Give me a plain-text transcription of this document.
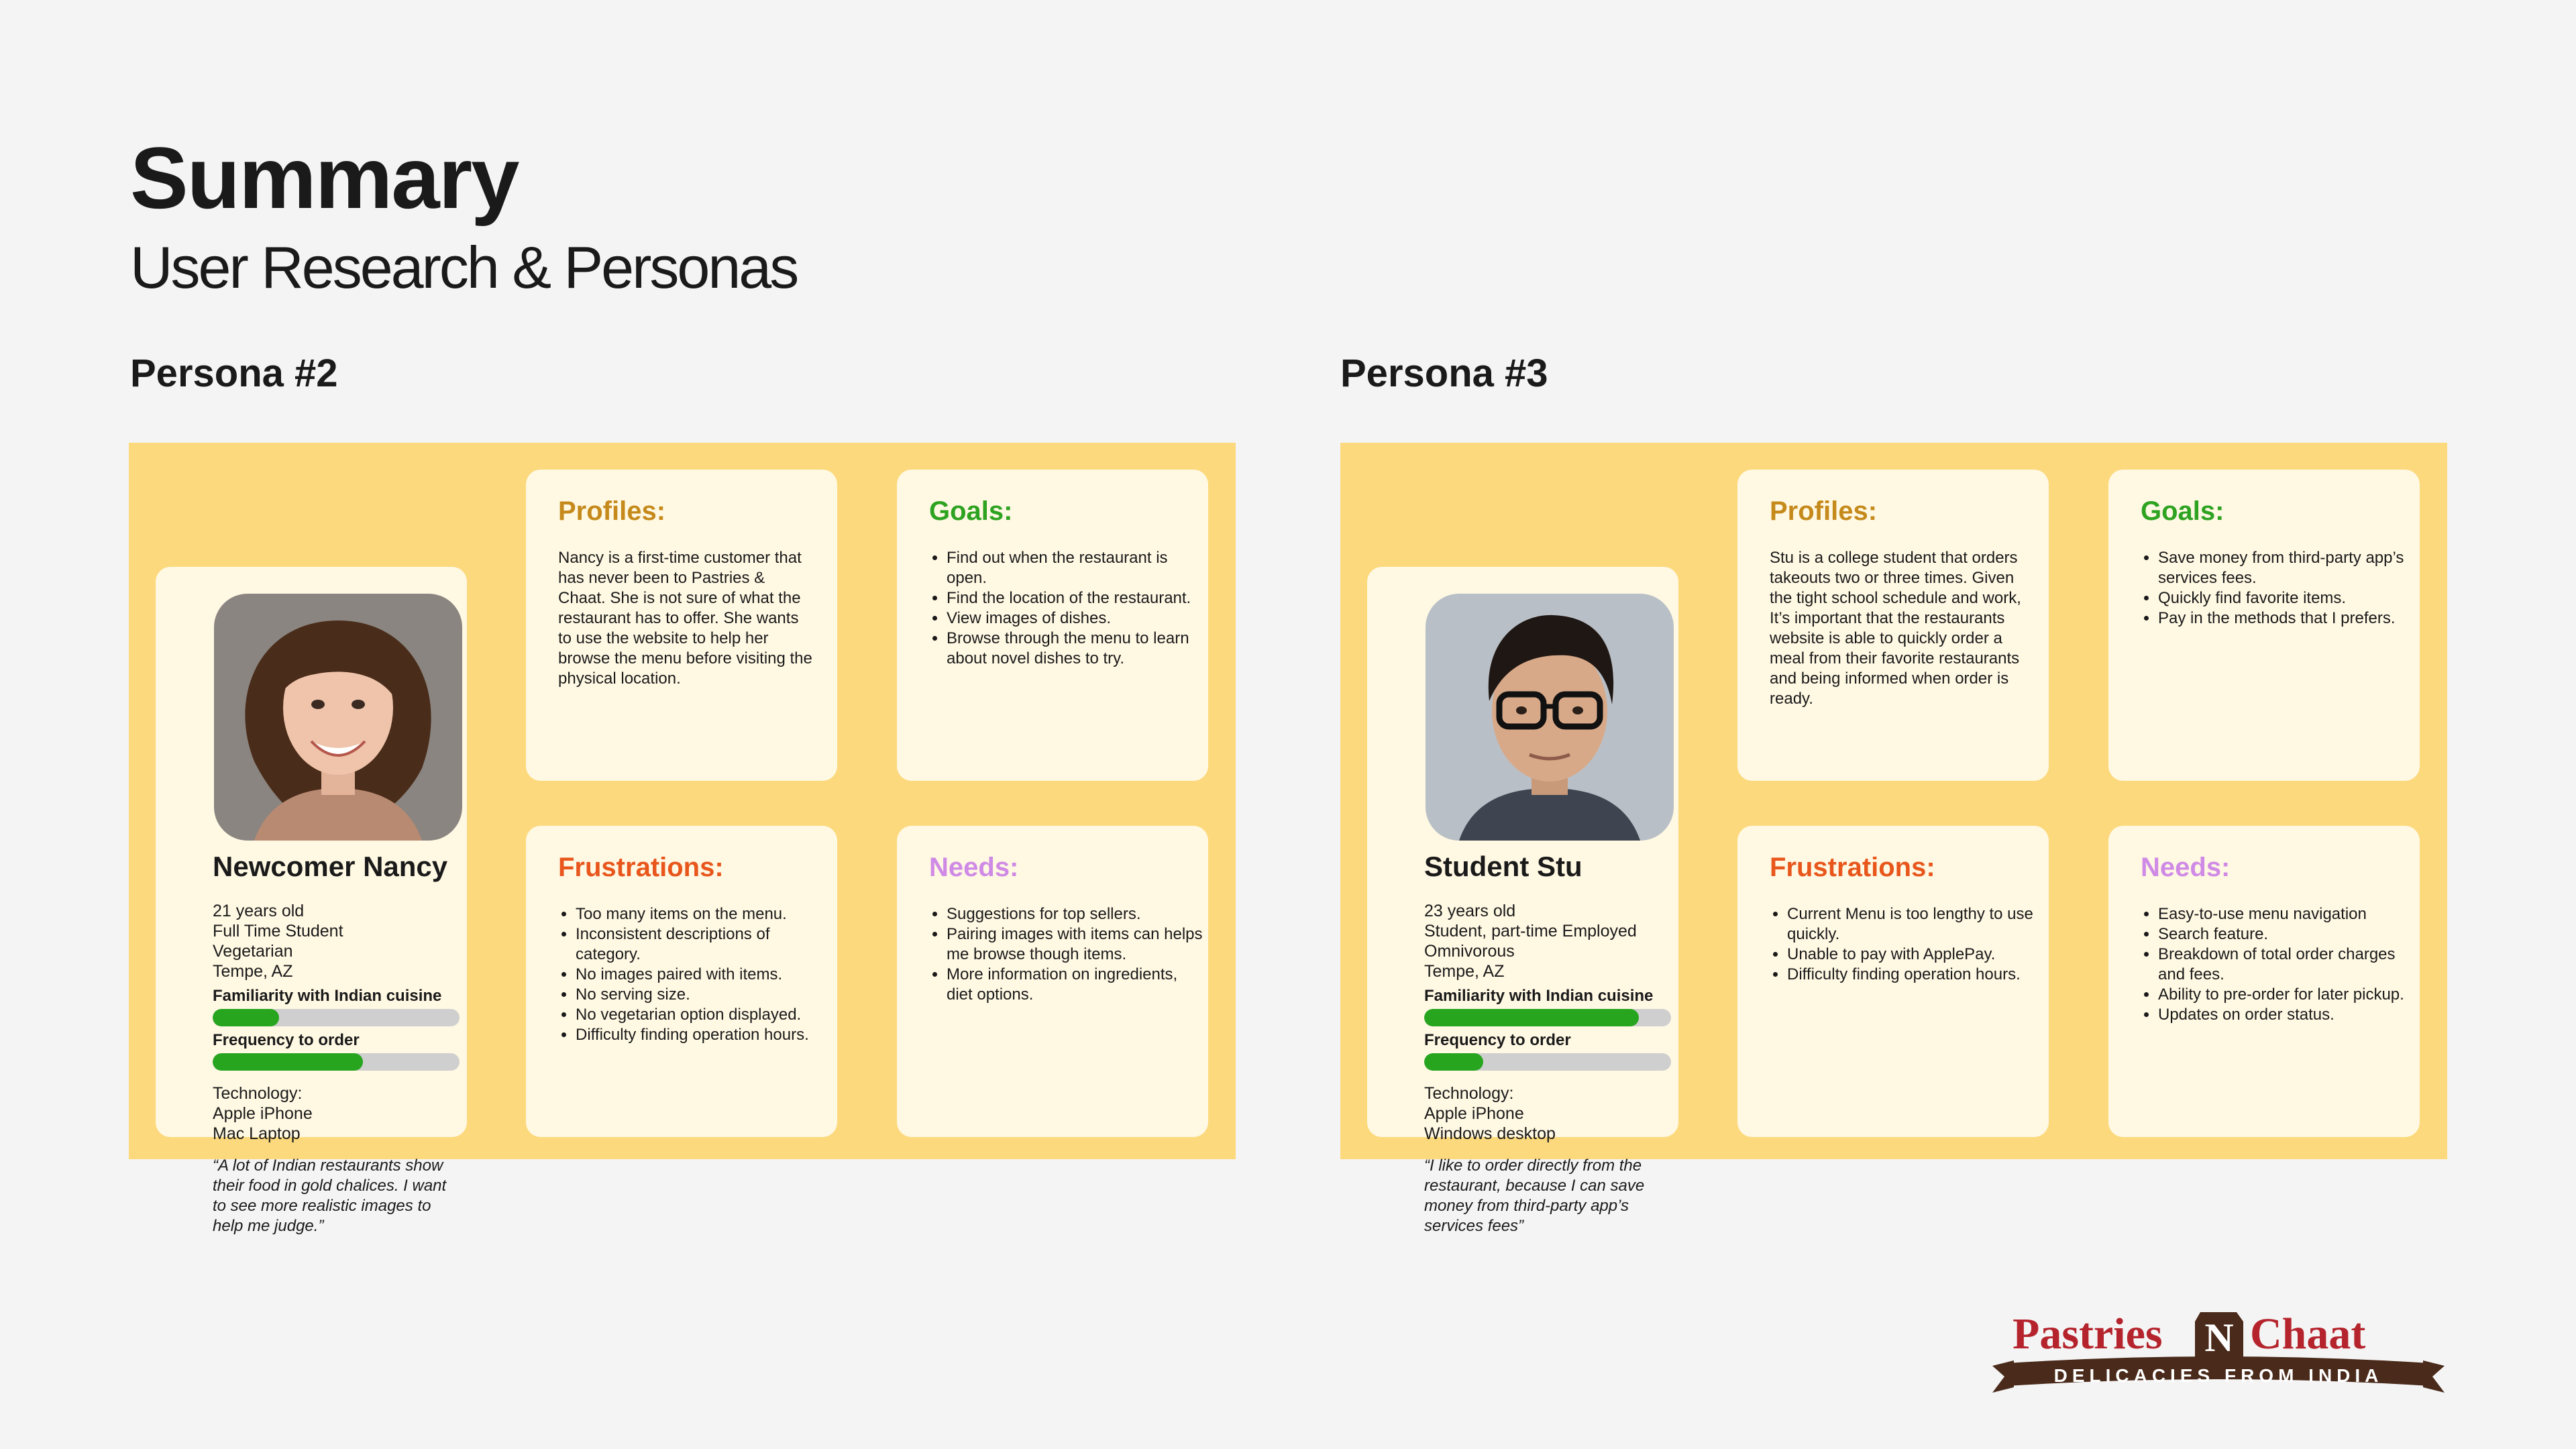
Summary
User Research & Personas
Persona #2
Newcomer Nancy
21 years old
Full Time Student
Vegetarian
Tempe, AZ
Familiarity with Indian cuisine
Frequency to order
Technology:
Apple iPhone
Mac Laptop

“A lot of Indian restaurants show their food in gold chalices. I want to see more realistic images to help me judge.”

Profiles:

Nancy is a first-time customer that has never been to Pastries & Chaat. She is not sure of what the restaurant has to offer. She wants to use the website to help her browse the menu before visiting the physical location.

Goals:
• Find out when the restaurant is open.
• Find the location of the restaurant.
• View images of dishes.
• Browse through the menu to learn about novel dishes to try.
Frustrations:
• Too many items on the menu.
• Inconsistent descriptions of category.
• No images paired with items.
• No serving size.
• No vegetarian option displayed.
• Difficulty finding operation hours.
Needs:
• Suggestions for top sellers.
• Pairing images with items can helps me browse though items.
• More information on ingredients, diet options.
Persona #3
Student Stu
23 years old
Student, part-time Employed
Omnivorous
Tempe, AZ
Familiarity with Indian cuisine
Frequency to order
Technology:
Apple iPhone
Windows desktop

“I like to order directly from the restaurant, because I can save money from third-party app’s services fees”

Profiles:

Stu is a college student that orders takeouts two or three times. Given the tight school schedule and work, It’s important that the restaurants website is able to quickly order a meal from their favorite restaurants and being informed when order is ready.

Goals:
• Save money from third-party app’s services fees.
• Quickly find favorite items.
• Pay in the methods that I prefers.
Frustrations:
• Current Menu is too lengthy to use quickly.
• Unable to pay with ApplePay.
• Difficulty finding operation hours.
Needs:
• Easy-to-use menu navigation
• Search feature.
• Breakdown of total order charges and fees.
• Ability to pre-order for later pickup.
• Updates on order status.
DELICACIES FROM INDIA
Pastries N Chaat
